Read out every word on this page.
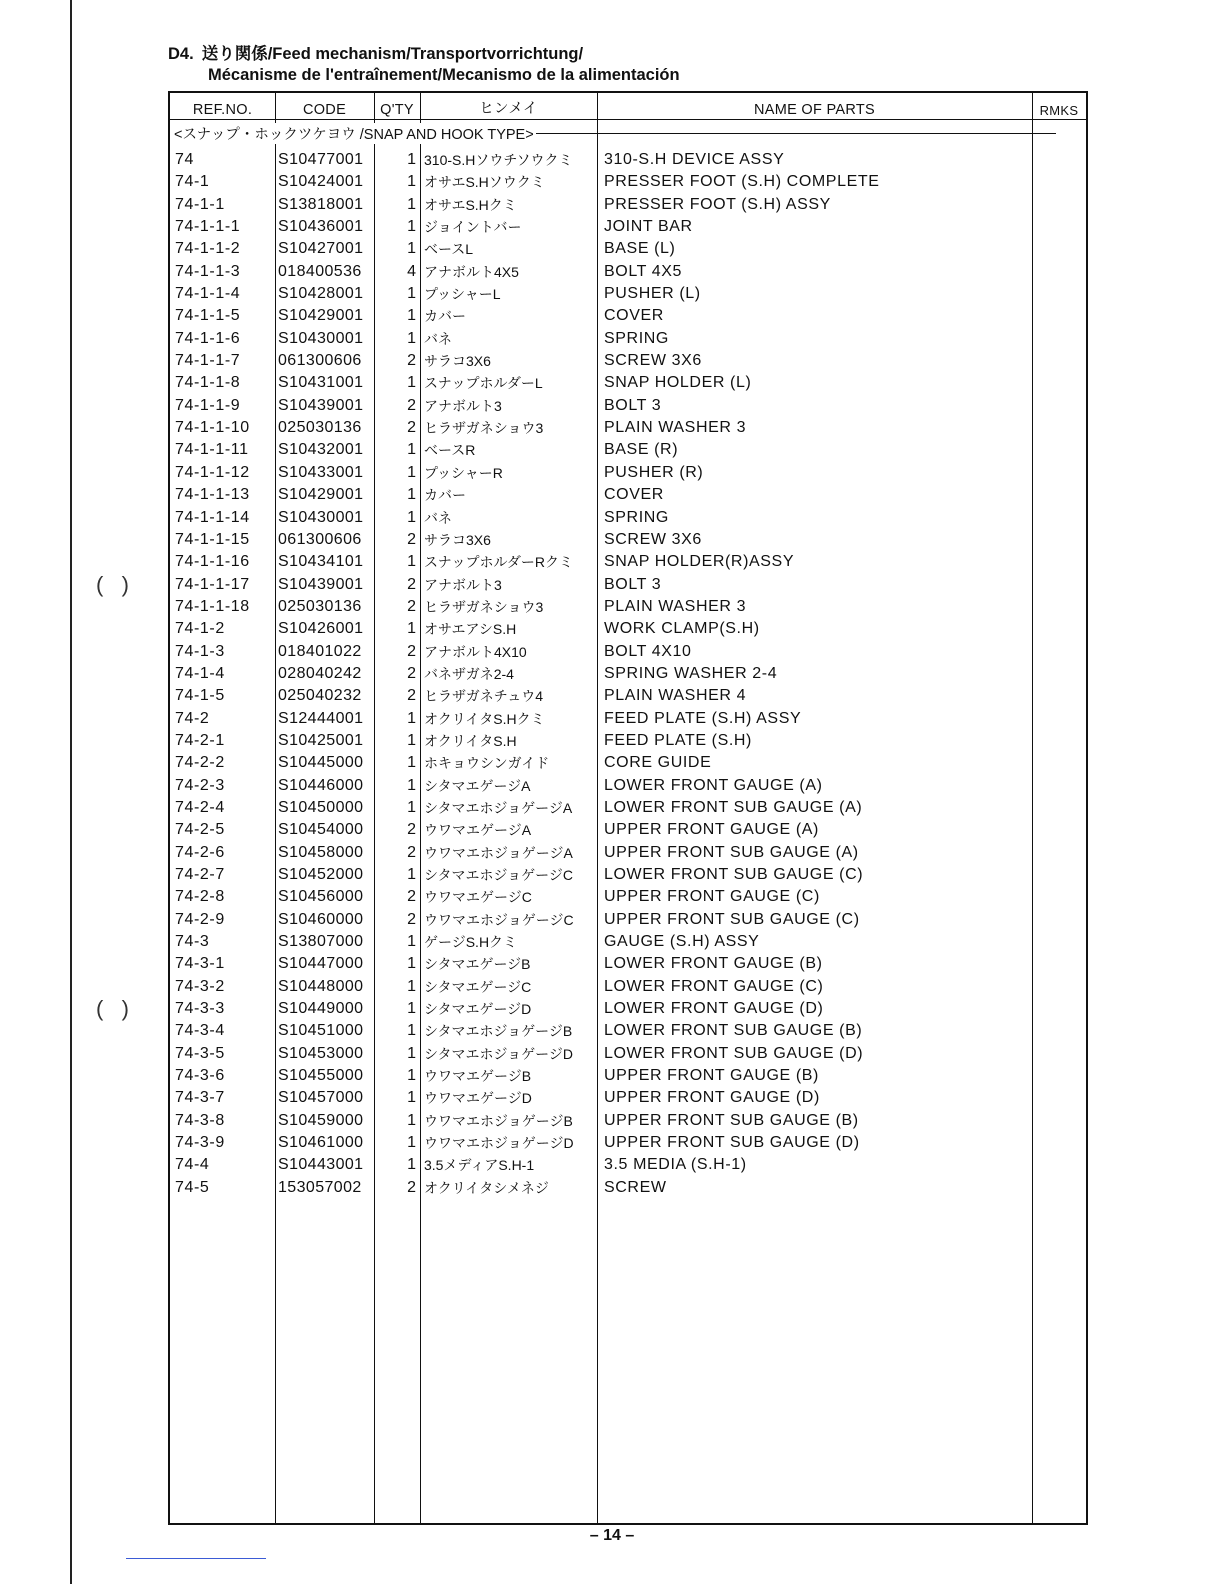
(   )
(   )
D4. 送り関係/Feed mechanism/Transportvorrichtung/
Mécanisme de l'entraînement/Mecanismo de la alimentación
REF.NO.	CODE	Q'TY	ヒンメイ	NAME OF PARTS	RMKS
<スナップ・ホックツケヨウ /SNAP AND HOOK TYPE>
74	S10477001	1 310-S.Hソウチソウクミ 310-S.H DEVICE ASSY
74-1	S10424001	1 オサエS.Hソウクミ	PRESSER FOOT (S.H) COMPLETE
74-1-1	S13818001	1 オサエS.Hクミ	PRESSER FOOT (S.H) ASSY
74-1-1-1 S10436001	1 ジョイントバー	JOINT BAR
74-1-1-2 S10427001	1 ベースL	BASE (L)
74-1-1-3 018400536	4 アナボルト4X5	BOLT 4X5
74-1-1-4 S10428001	1 プッシャーL	PUSHER (L)
74-1-1-5 S10429001	1 カバー	COVER
74-1-1-6 S10430001	1 バネ	SPRING
74-1-1-7 061300606	2 サラコ3X6	SCREW 3X6
74-1-1-8 S10431001	1 スナップホルダーL	SNAP HOLDER (L)
74-1-1-9 S10439001	2 アナボルト3	BOLT 3
74-1-1-10 025030136	2 ヒラザガネショウ3	PLAIN WASHER 3
74-1-1-11 S10432001	1 ベースR	BASE (R)
74-1-1-12 S10433001	1 プッシャーR	PUSHER (R)
74-1-1-13 S10429001	1 カバー	COVER
74-1-1-14 S10430001	1 バネ	SPRING
74-1-1-15 061300606	2 サラコ3X6	SCREW 3X6
74-1-1-16 S10434101	1 スナップホルダーRクミ SNAP HOLDER(R)ASSY
74-1-1-17 S10439001	2 アナボルト3	BOLT 3
74-1-1-18 025030136	2 ヒラザガネショウ3	PLAIN WASHER 3
74-1-2	S10426001	1 オサエアシS.H	WORK CLAMP(S.H)
74-1-3	018401022	2 アナボルト4X10	BOLT 4X10
74-1-4	028040242	2 バネザガネ2-4	SPRING WASHER 2-4
74-1-5	025040232	2 ヒラザガネチュウ4	PLAIN WASHER 4
74-2	S12444001	1 オクリイタS.Hクミ	FEED PLATE (S.H) ASSY
74-2-1	S10425001	1 オクリイタS.H	FEED PLATE (S.H)
74-2-2	S10445000	1 ホキョウシンガイド	CORE GUIDE
74-2-3	S10446000	1 シタマエゲージA	LOWER FRONT GAUGE (A)
74-2-4	S10450000	1 シタマエホジョゲージA LOWER FRONT SUB GAUGE (A)
74-2-5	S10454000	2 ウワマエゲージA	UPPER FRONT GAUGE (A)
74-2-6	S10458000	2 ウワマエホジョゲージA UPPER FRONT SUB GAUGE (A)
74-2-7	S10452000	1 シタマエホジョゲージC LOWER FRONT SUB GAUGE (C)
74-2-8	S10456000	2 ウワマエゲージC	UPPER FRONT GAUGE (C)
74-2-9	S10460000	2 ウワマエホジョゲージC UPPER FRONT SUB GAUGE (C)
74-3	S13807000	1 ゲージS.Hクミ	GAUGE (S.H) ASSY
74-3-1	S10447000	1 シタマエゲージB	LOWER FRONT GAUGE (B)
74-3-2	S10448000	1 シタマエゲージC	LOWER FRONT GAUGE (C)
74-3-3	S10449000	1 シタマエゲージD	LOWER FRONT GAUGE (D)
74-3-4	S10451000	1 シタマエホジョゲージB LOWER FRONT SUB GAUGE (B)
74-3-5	S10453000	1 シタマエホジョゲージD LOWER FRONT SUB GAUGE (D)
74-3-6	S10455000	1 ウワマエゲージB	UPPER FRONT GAUGE (B)
74-3-7	S10457000	1 ウワマエゲージD	UPPER FRONT GAUGE (D)
74-3-8	S10459000	1 ウワマエホジョゲージB UPPER FRONT SUB GAUGE (B)
74-3-9	S10461000	1 ウワマエホジョゲージD UPPER FRONT SUB GAUGE (D)
74-4	S10443001	1 3.5メディアS.H-1	3.5 MEDIA (S.H-1)
74-5	153057002	2 オクリイタシメネジ	SCREW
– 14 –
